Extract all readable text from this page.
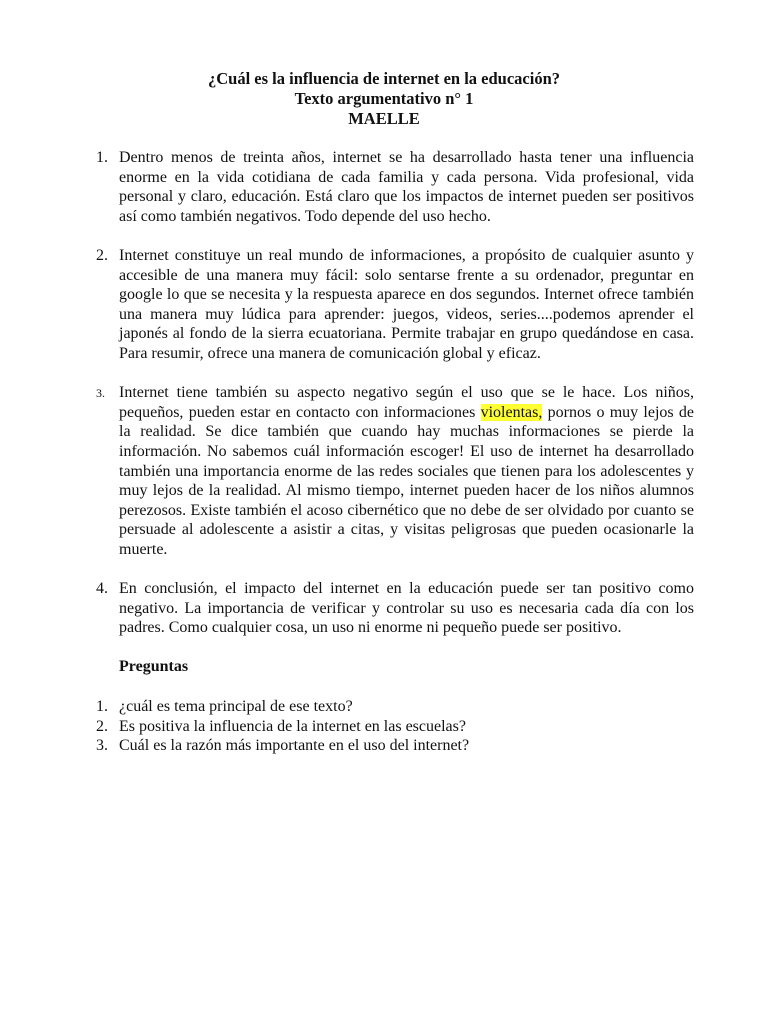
¿Cuál es la influencia de internet en la educación?
Texto argumentativo n° 1
MAELLE
1. Dentro menos de treinta años, internet se ha desarrollado hasta tener una influencia enorme en la vida cotidiana de cada familia y cada persona. Vida profesional, vida personal y claro, educación. Está claro que los impactos de internet pueden ser positivos así como también negativos. Todo depende del uso hecho.

2. Internet constituye un real mundo de informaciones, a propósito de cualquier asunto y accesible de una manera muy fácil: solo sentarse frente a su ordenador, preguntar en google lo que se necesita y la respuesta aparece en dos segundos. Internet ofrece también una manera muy lúdica para aprender: juegos, videos, series....podemos aprender el japonés al fondo de la sierra ecuatoriana. Permite trabajar en grupo quedándose en casa. Para resumir, ofrece una manera de comunicación global y eficaz.

3. Internet tiene también su aspecto negativo según el uso que se le hace. Los niños, pequeños, pueden estar en contacto con informaciones violentas, pornos o muy lejos de la realidad. Se dice también que cuando hay muchas informaciones se pierde la información. No sabemos cuál información escoger! El uso de internet ha desarrollado también una importancia enorme de las redes sociales que tienen para los adolescentes y muy lejos de la realidad. Al mismo tiempo, internet pueden hacer de los niños alumnos perezosos. Existe también el acoso cibernético que no debe de ser olvidado por cuanto se persuade al adolescente a asistir a citas, y visitas peligrosas que pueden ocasionarle la muerte.

4. En conclusión, el impacto del internet en la educación puede ser tan positivo como negativo. La importancia de verificar y controlar su uso es necesaria cada día con los padres. Como cualquier cosa, un uso ni enorme ni pequeño puede ser positivo.

Preguntas
1. ¿cuál es tema principal de ese texto?
2. Es positiva la influencia de la internet en las escuelas?
3. Cuál es la razón más importante en el uso del internet?
